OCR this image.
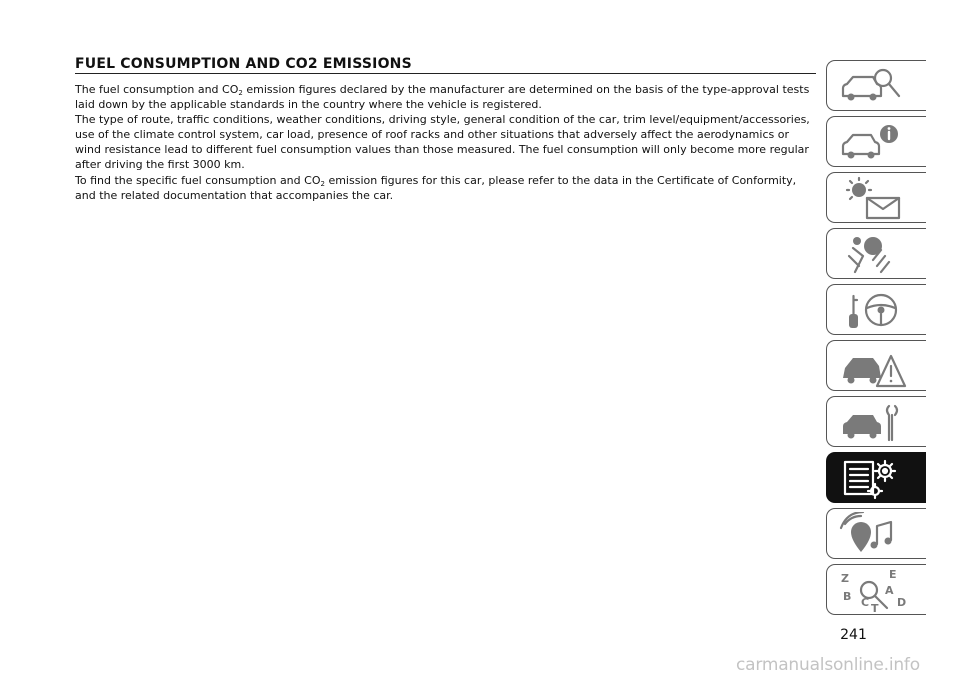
FUEL CONSUMPTION AND CO2 EMISSIONS

The fuel consumption and $CO_2$ emission figures declared by the manufacturer are determined on the basis of the type-approval tests laid down by the applicable standards in the country where the vehicle is registered.

The type of route, traffic conditions, weather conditions, driving style, general condition of the car, trim level/equipment/accessories, use of the climate control system, car load, presence of roof racks and other situations that adversely affect the aerodynamics or wind resistance lead to different fuel consumption values than those measured. The fuel consumption will only become more regular after driving the first 3000 km.

To find the specific fuel consumption and $CO_2$ emission figures for this car, please refer to the data in the Certificate of Conformity, and the related documentation that accompanies the car.

Z	E
B	A
C	D
T
241
carmanualsonline.info
